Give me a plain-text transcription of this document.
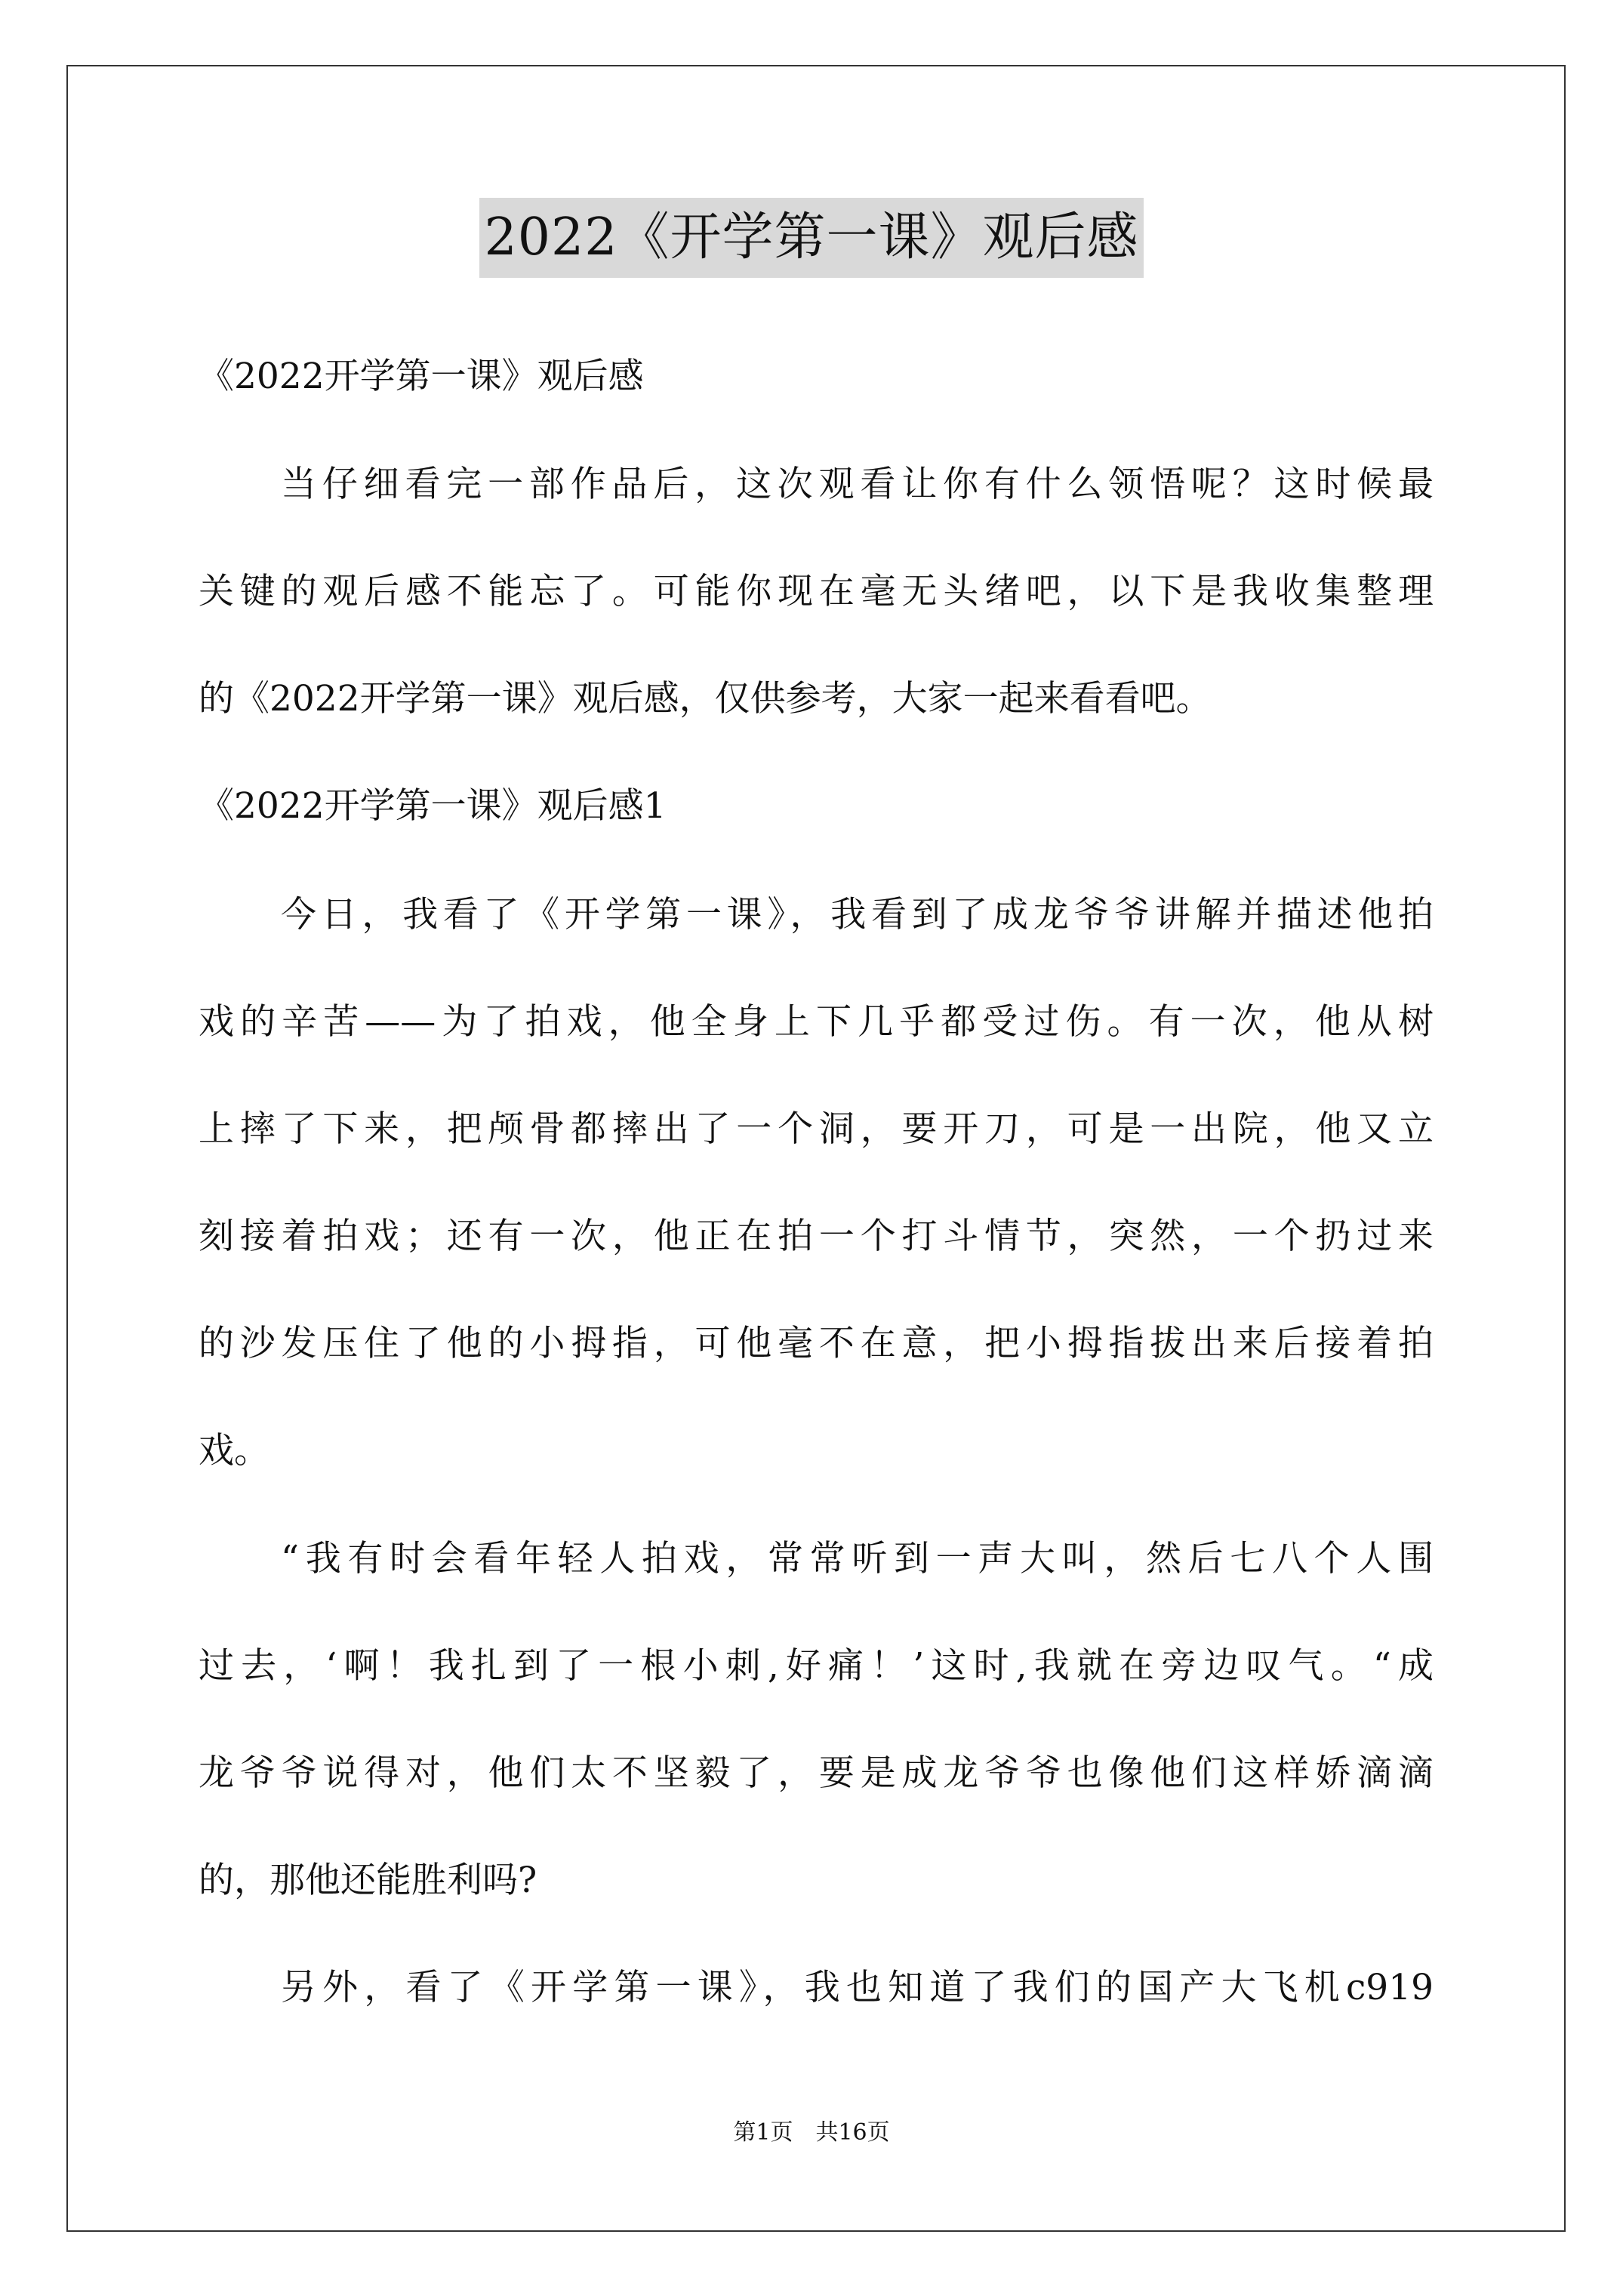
2022《开学第一课》观后感
《2022开学第一课》观后感
当仔细看完一部作品后，这次观看让你有什么领悟呢？这时候最
关键的观后感不能忘了。可能你现在毫无头绪吧，以下是我收集整理
的《2022开学第一课》观后感，仅供参考，大家一起来看看吧。
《2022开学第一课》观后感1
今日，我看了《开学第一课》，我看到了成龙爷爷讲解并描述他拍
戏的辛苦——为了拍戏，他全身上下几乎都受过伤。有一次，他从树
上摔了下来，把颅骨都摔出了一个洞，要开刀，可是一出院，他又立
刻接着拍戏；还有一次，他正在拍一个打斗情节，突然，一个扔过来
的沙发压住了他的小拇指，可他毫不在意，把小拇指拔出来后接着拍
戏。
“我有时会看年轻人拍戏，常常听到一声大叫，然后七八个人围
过去，‘啊！我扎到了一根小刺,好痛！’这时,我就在旁边叹气。“成
龙爷爷说得对，他们太不坚毅了，要是成龙爷爷也像他们这样娇滴滴
的，那他还能胜利吗?
另外，看了《开学第一课》，我也知道了我们的国产大飞机c919
第1页　共16页
